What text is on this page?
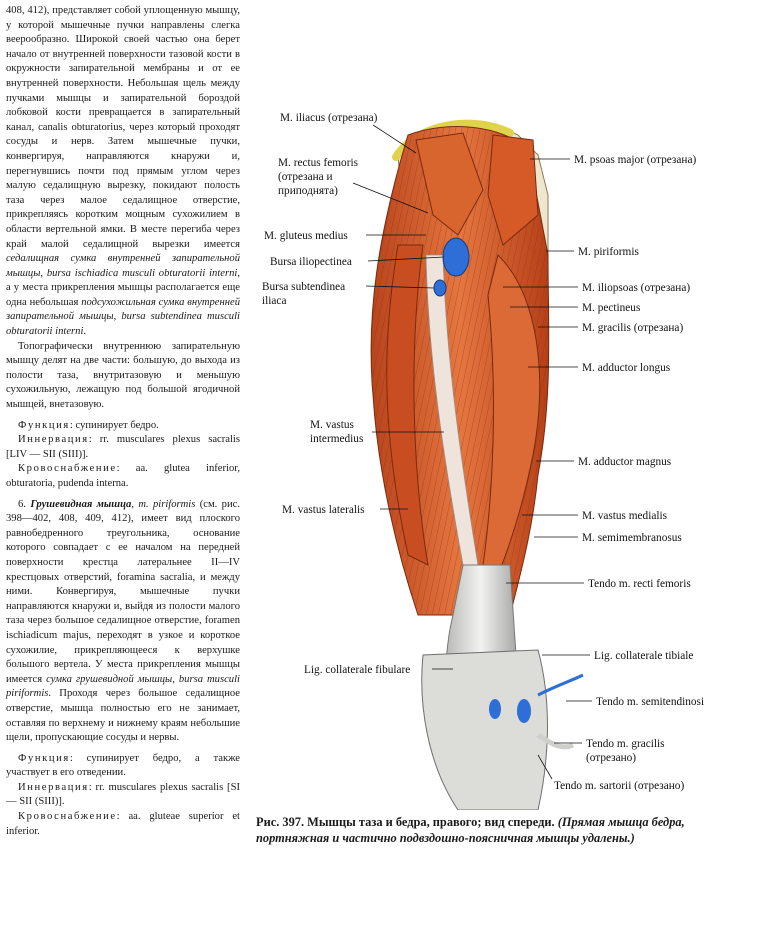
408, 412), представляет собой уплощенную мышцу, у которой мышечные пучки направлены слегка веерообразно. Широкой своей частью она берет начало от внутренней поверхности тазовой кости в окружности запирательной мембраны и от ее внутренней поверхности. Небольшая щель между пучками мышцы и запирательной бороздой лобковой кости превращается в запирательный канал, canalis obturatorius, через который проходят сосуды и нерв. Затем мышечные пучки, конвергируя, направляются кнаружи и, перегнувшись почти под прямым углом через малую седалищную вырезку, покидают полость таза через малое седалищное отверстие, прикрепляясь коротким мощным сухожилием в области вертельной ямки. В месте перегиба через край малой седалищной вырезки имеется седалищная сумка внутренней запирательной мышцы, bursa ischiadica musculi obturatorii interni, а у места прикрепления мышцы располагается еще одна небольшая подсухожильная сумка внутренней запирательной мышцы, bursa subtendinea musculi obturatorii interni.

Топографически внутреннюю запирательную мышцу делят на две части: большую, до выхода из полости таза, внутритазовую и меньшую сухожильную, лежащую под большой ягодичной мышцей, внетазовую.

Функция: супинирует бедро.

Иннервация: rr. musculares plexus sacralis [LIV — SII (SIII)].

Кровоснабжение: aa. glutea inferior, obturatoria, pudenda interna.

6. Грушевидная мышца, m. piriformis (см. рис. 398—402, 408, 409, 412), имеет вид плоского равнобедренного треугольника, основание которого совпадает с ее началом на передней поверхности крестца латеральнее II—IV крестцовых отверстий, foramina sacralia, и между ними. Конвергируя, мышечные пучки направляются кнаружи и, выйдя из полости малого таза через большое седалищное отверстие, foramen ischiadicum majus, переходят в узкое и короткое сухожилие, прикрепляющееся к верхушке большого вертела. У места прикрепления мышцы имеется сумка грушевидной мышцы, bursa musculi piriformis. Проходя через большое седалищное отверстие, мышца полностью его не занимает, оставляя по верхнему и нижнему краям небольшие щели, пропускающие сосуды и нервы.

Функция: супинирует бедро, а также участвует в его отведении.

Иннервация: rr. musculares plexus sacralis [SI — SII (SIII)].

Кровоснабжение: aa. gluteae superior et inferior.

M. iliacus (отрезана)
M. rectus femoris
(отрезана и
приподнята)
M. gluteus medius
Bursa iliopectinea
Bursa subtendinea
iliaca
M. vastus
intermedius
M. vastus lateralis
Lig. collaterale fibulare
M. psoas major (отрезана)
M. piriformis
M. iliopsoas (отрезана)
M. pectineus
M. gracilis (отрезана)
M. adductor longus
M. adductor magnus
M. vastus medialis
M. semimembranosus
Tendo m. recti femoris
Lig. collaterale tibiale
Tendo m. semitendinosi
Tendo m. gracilis
(отрезано)
Tendo m. sartorii (отрезано)
Рис. 397. Мышцы таза и бедра, правого; вид спереди. (Прямая мышца бедра, портняжная и частично подвздошно-поясничная мышцы удалены.)
